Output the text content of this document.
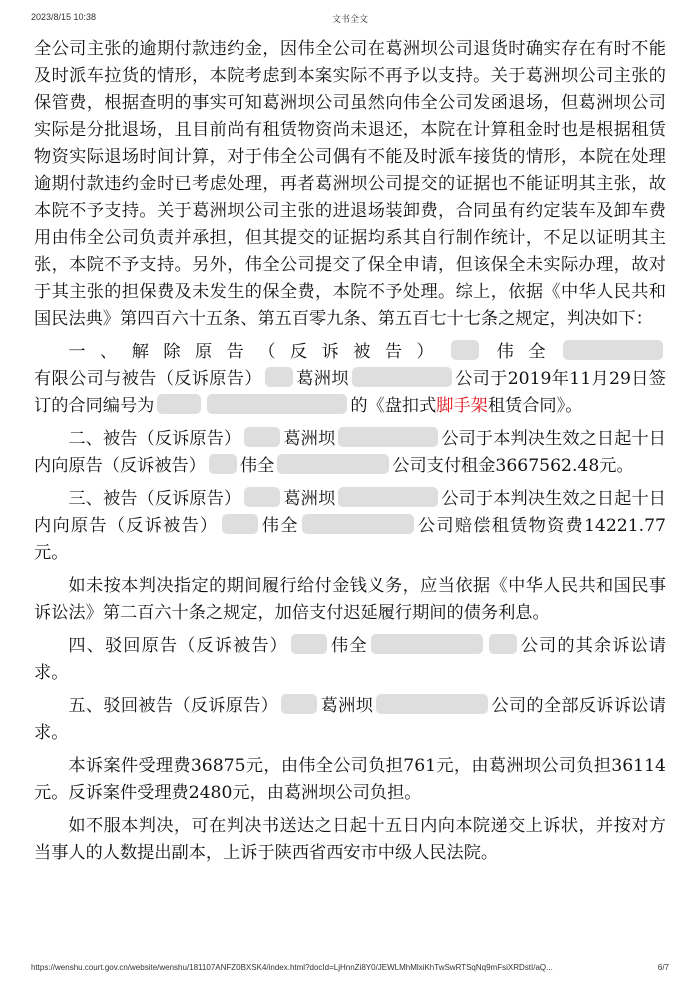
2023/8/15 10:38	文书全文

全公司主张的逾期付款违约金，因伟全公司在葛洲坝公司退货时确实存在有时不能及时派车拉货的情形，本院考虑到本案实际不再予以支持。关于葛洲坝公司主张的保管费，根据查明的事实可知葛洲坝公司虽然向伟全公司发函退场，但葛洲坝公司实际是分批退场，且目前尚有租赁物资尚未退还，本院在计算租金时也是根据租赁物资实际退场时间计算，对于伟全公司偶有不能及时派车接货的情形，本院在处理逾期付款违约金时已考虑处理，再者葛洲坝公司提交的证据也不能证明其主张，故本院不予支持。关于葛洲坝公司主张的进退场装卸费，合同虽有约定装车及卸车费用由伟全公司负责并承担，但其提交的证据均系其自行制作统计，不足以证明其主张，本院不予支持。另外，伟全公司提交了保全申请，但该保全未实际办理，故对于其主张的担保费及未发生的保全费，本院不予处理。综上，依据《中华人民共和国民法典》第四百六十五条、第五百零九条、第五百七十七条之规定，判决如下：

一、解除原告（反诉被告） 伟全有限公司与被告（反诉原告） 葛洲坝	公司于2019年11月29日签订的合同编号为	的《盘扣式脚手架租赁合同》。

二、被告（反诉原告） 葛洲坝	公司于本判决生效之日起十日内向原告（反诉被告） 伟全	公司支付租金3667562.48元。

三、被告（反诉原告） 葛洲坝	公司于本判决生效之日起十日内向原告（反诉被告） 伟全	公司赔偿租赁物资费14221.77元。

如未按本判决指定的期间履行给付金钱义务，应当依据《中华人民共和国民事诉讼法》第二百六十条之规定，加倍支付迟延履行期间的债务利息。

四、驳回原告（反诉被告） 伟全	公司的其余诉讼请求。

五、驳回被告（反诉原告） 葛洲坝	公司的全部反诉诉讼请求。

本诉案件受理费36875元，由伟全公司负担761元，由葛洲坝公司负担36114元。反诉案件受理费2480元，由葛洲坝公司负担。

如不服本判决，可在判决书送达之日起十五日内向本院递交上诉状，并按对方当事人的人数提出副本，上诉于陕西省西安市中级人民法院。

https://wenshu.court.gov.cn/website/wenshu/181107ANFZ0BXSK4/index.html?docId=LjHnnZi8Y0/JEWLMhMlxiKhTwSwRTSqNq9mFsiXRDstI/aQ...	6/7
